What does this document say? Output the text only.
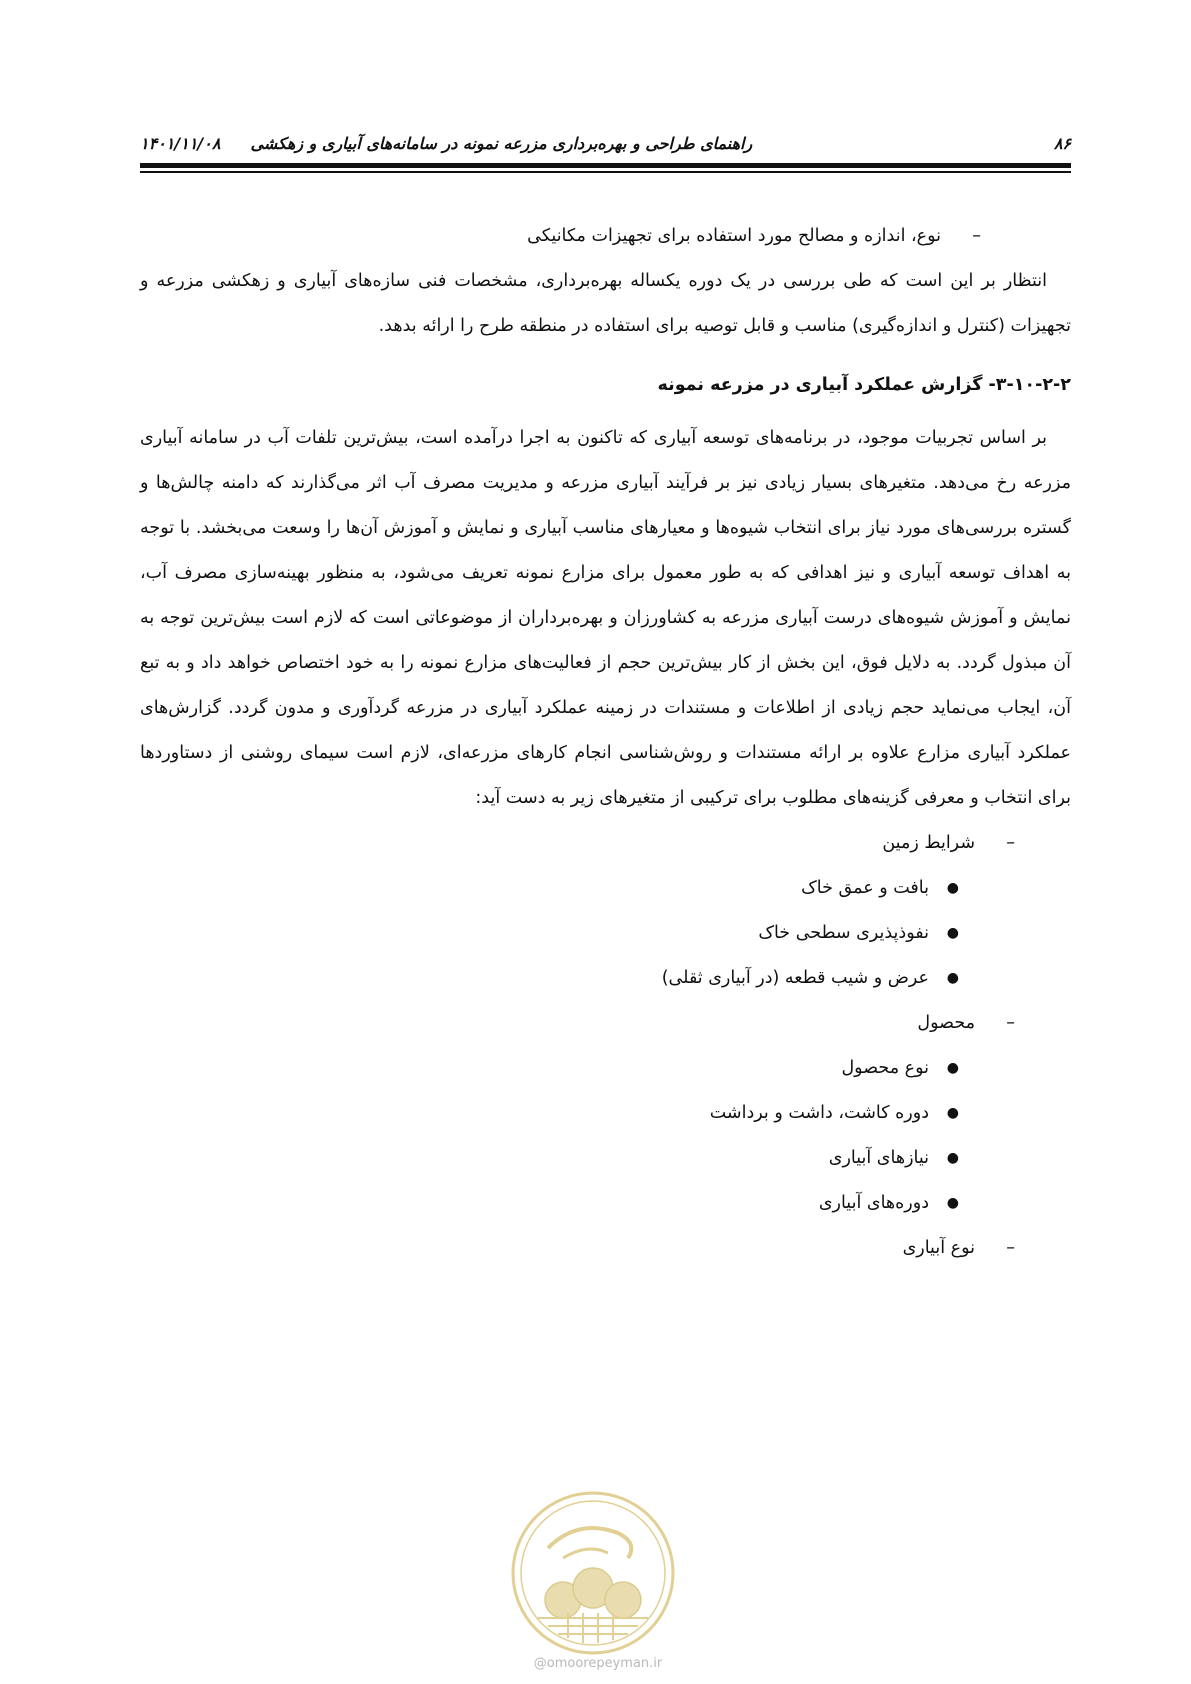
۸۶
راهنمای طراحی و بهره‌برداری مزرعه نمونه در سامانه‌های آبیاری و زهکشی
۱۴۰۱/۱۱/۰۸
–
نوع، اندازه و مصالح مورد استفاده برای تجهیزات مکانیکی

انتظار بر این است که طی بررسی در یک دوره یکساله بهره‌برداری، مشخصات فنی سازه‌های آبیاری و زهکشی مزرعه و تجهیزات (کنترل و اندازه‌گیری) مناسب و قابل توصیه برای استفاده در منطقه طرح را ارائه بدهد.

۳-۱۰-۲-۲- گزارش عملکرد آبیاری در مزرعه نمونه

بر اساس تجربیات موجود، در برنامه‌های توسعه آبیاری که تاکنون به اجرا درآمده است، بیش‌ترین تلفات آب در سامانه آبیاری مزرعه رخ می‌دهد. متغیرهای بسیار زیادی نیز بر فرآیند آبیاری مزرعه و مدیریت مصرف آب اثر می‌گذارند که دامنه چالش‌ها و گستره بررسی‌های مورد نیاز برای انتخاب شیوه‌ها و معیارهای مناسب آبیاری و نمایش و آموزش آن‌ها را وسعت می‌بخشد. با توجه به اهداف توسعه آبیاری و نیز اهدافی که به طور معمول برای مزارع نمونه تعریف می‌شود، به منظور بهینه‌سازی مصرف آب، نمایش و آموزش شیوه‌های درست آبیاری مزرعه به کشاورزان و بهره‌برداران از موضوعاتی است که لازم است بیش‌ترین توجه به آن مبذول گردد. به دلایل فوق، این بخش از کار بیش‌ترین حجم از فعالیت‌های مزارع نمونه را به خود اختصاص خواهد داد و به تبع آن، ایجاب می‌نماید حجم زیادی از اطلاعات و مستندات در زمینه عملکرد آبیاری در مزرعه گردآوری و مدون گردد. گزارش‌های عملکرد آبیاری مزارع علاوه بر ارائه مستندات و روش‌شناسی انجام کارهای مزرعه‌ای، لازم است سیمای روشنی از دستاوردها برای انتخاب و معرفی گزینه‌های مطلوب برای ترکیبی از متغیرهای زیر به دست آید:

–
شرایط زمین
●
بافت و عمق خاک
●
نفوذپذیری سطحی خاک
●
عرض و شیب قطعه (در آبیاری ثقلی)
–
محصول
●
نوع محصول
●
دوره کاشت، داشت و برداشت
●
نیازهای آبیاری
●
دوره‌های آبیاری
–
نوع آبیاری
@omoorepeyman.ir
